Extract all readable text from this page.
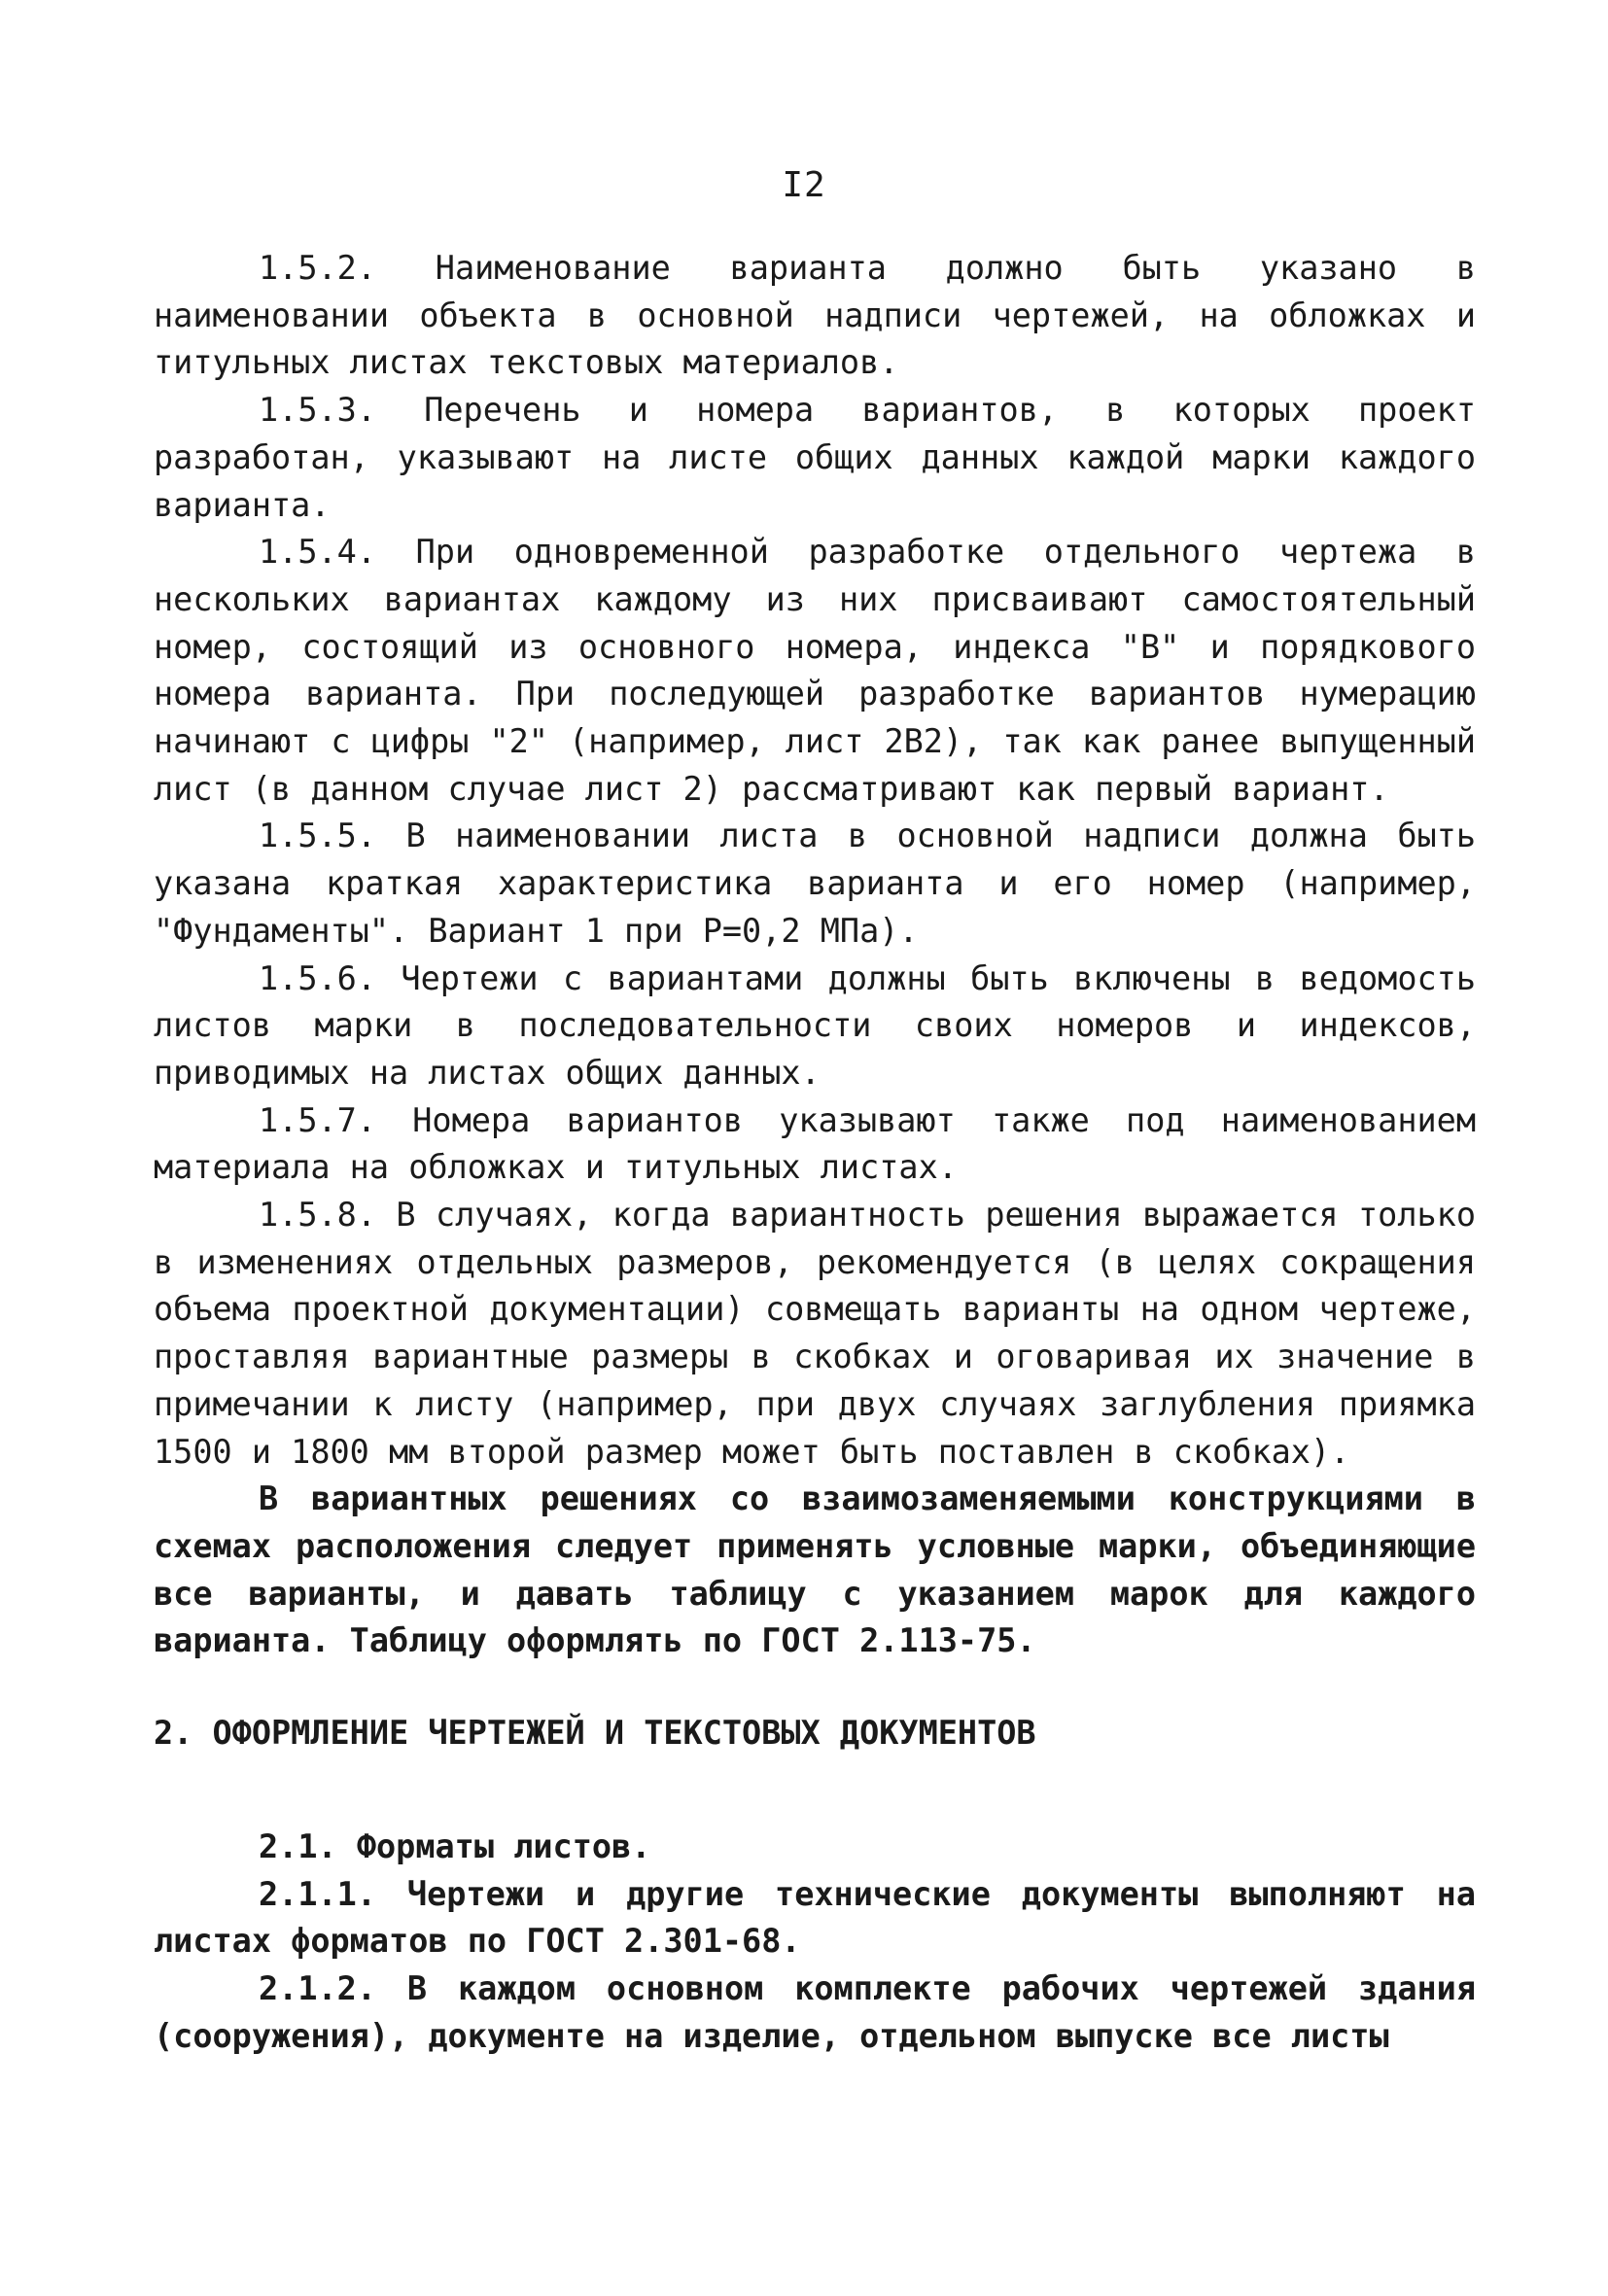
I2

1.5.2. Наименование варианта должно быть указано в наименовании объекта в основной надписи чертежей, на обложках и титульных листах текстовых материалов.

1.5.3. Перечень и номера вариантов, в которых проект разработан, указывают на листе общих данных каждой марки каждого варианта.

1.5.4. При одновременной разработке отдельного чертежа в нескольких вариантах каждому из них присваивают самостоятельный номер, состоящий из основного номера, индекса "В" и порядкового номера варианта. При последующей разработке вариантов нумерацию начинают с цифры "2" (например, лист 2В2), так как ранее выпущенный лист (в данном случае лист 2) рассматривают как первый вариант.

1.5.5. В наименовании листа в основной надписи должна быть указана краткая характеристика варианта и его номер (например, "Фундаменты". Вариант 1 при Р=0,2 МПа).

1.5.6. Чертежи с вариантами должны быть включены в ведомость листов марки в последовательности своих номеров и индексов, приводимых на листах общих данных.

1.5.7. Номера вариантов указывают также под наименованием материала на обложках и титульных листах.

1.5.8. В случаях, когда вариантность решения выражается только в изменениях отдельных размеров, рекомендуется (в целях сокращения объема проектной документации) совмещать варианты на одном чертеже, проставляя вариантные размеры в скобках и оговаривая их значение в примечании к листу (например, при двух случаях заглубления приямка 1500 и 1800 мм второй размер может быть поставлен в скобках).

В вариантных решениях со взаимозаменяемыми конструкциями в схемах расположения следует применять условные марки, объединяющие все варианты, и давать таблицу с указанием марок для каждого варианта. Таблицу оформлять по ГОСТ 2.113-75.

2. ОФОРМЛЕНИЕ ЧЕРТЕЖЕЙ И ТЕКСТОВЫХ ДОКУМЕНТОВ

2.1. Форматы листов.

2.1.1. Чертежи и другие технические документы выполняют на листах форматов по ГОСТ 2.301-68.

2.1.2. В каждом основном комплекте рабочих чертежей здания (сооружения), документе на изделие, отдельном выпуске все листы
